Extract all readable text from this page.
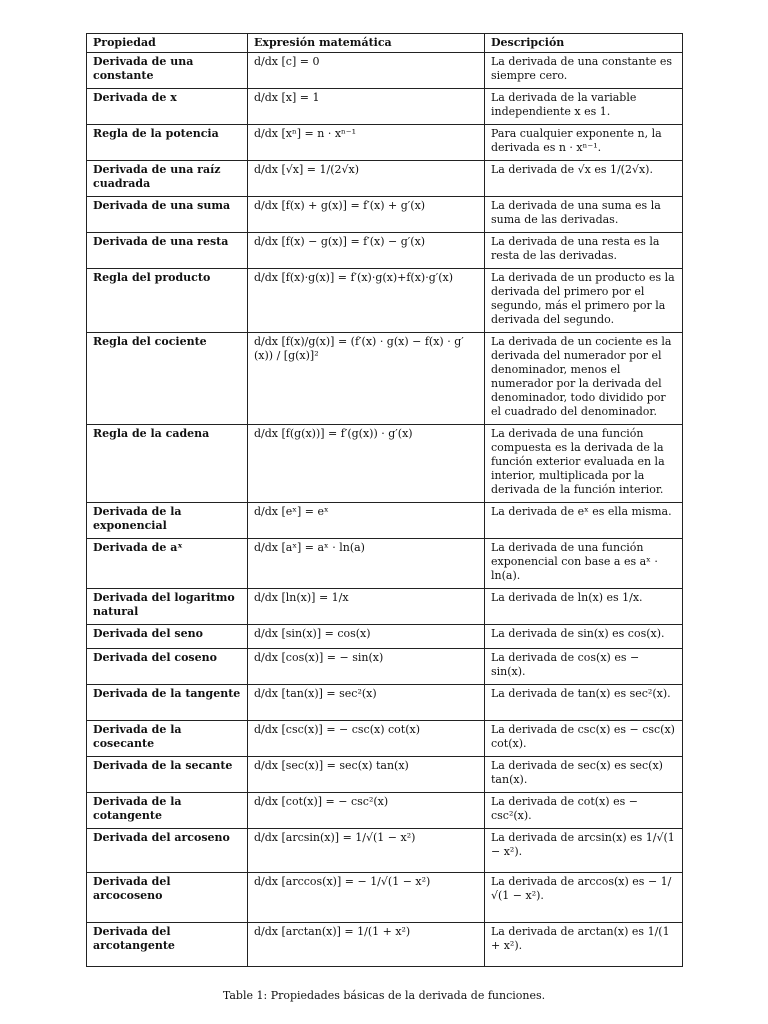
Propiedad	Expresión matemática	Descripción
Derivada de una constante	d/dx [c] = 0	La derivada de una constante es siempre cero.
Derivada de x	d/dx [x] = 1	La derivada de la variable independiente x es 1.
Regla de la potencia	d/dx [xⁿ] = n · xⁿ⁻¹	Para cualquier exponente n, la derivada es n · xⁿ⁻¹.
Derivada de una raíz cuadrada	d/dx [√x] = 1/(2√x)	La derivada de √x es 1/(2√x).
Derivada de una suma	d/dx [f(x) + g(x)] = f′(x) + g′(x)	La derivada de una suma es la suma de las derivadas.
Derivada de una resta	d/dx [f(x) − g(x)] = f′(x) − g′(x)	La derivada de una resta es la resta de las derivadas.
Regla del producto	d/dx [f(x)·g(x)] = f′(x)·g(x)+f(x)·g′(x)	La derivada de un producto es la derivada del primero por el segundo, más el primero por la derivada del segundo.
Regla del cociente	d/dx [f(x)/g(x)] = (f′(x) · g(x) − f(x) · g′(x)) / [g(x)]²	La derivada de un cociente es la derivada del numerador por el denominador, menos el numerador por la derivada del denominador, todo dividido por el cuadrado del denominador.
Regla de la cadena	d/dx [f(g(x))] = f′(g(x)) · g′(x)	La derivada de una función compuesta es la derivada de la función exterior evaluada en la interior, multiplicada por la derivada de la función interior.
Derivada de la exponencial	d/dx [eˣ] = eˣ	La derivada de eˣ es ella misma.
Derivada de aˣ	d/dx [aˣ] = aˣ · ln(a)	La derivada de una función exponencial con base a es aˣ · ln(a).
Derivada del logaritmo natural	d/dx [ln(x)] = 1/x	La derivada de ln(x) es 1/x.
Derivada del seno	d/dx [sin(x)] = cos(x)	La derivada de sin(x) es cos(x).
Derivada del coseno	d/dx [cos(x)] = − sin(x)	La derivada de cos(x) es − sin(x).
Derivada de la tangente	d/dx [tan(x)] = sec²(x)	La derivada de tan(x) es sec²(x).
Derivada de la cosecante	d/dx [csc(x)] = − csc(x) cot(x)	La derivada de csc(x) es − csc(x) cot(x).
Derivada de la secante	d/dx [sec(x)] = sec(x) tan(x)	La derivada de sec(x) es sec(x) tan(x).
Derivada de la cotangente	d/dx [cot(x)] = − csc²(x)	La derivada de cot(x) es − csc²(x).
Derivada del arcoseno	d/dx [arcsin(x)] = 1/√(1 − x²)	La derivada de arcsin(x) es 1/√(1 − x²).
Derivada del arcocoseno	d/dx [arccos(x)] = − 1/√(1 − x²)	La derivada de arccos(x) es − 1/√(1 − x²).
Derivada del arcotangente	d/dx [arctan(x)] = 1/(1 + x²)	La derivada de arctan(x) es 1/(1 + x²).
Table 1: Propiedades básicas de la derivada de funciones.
